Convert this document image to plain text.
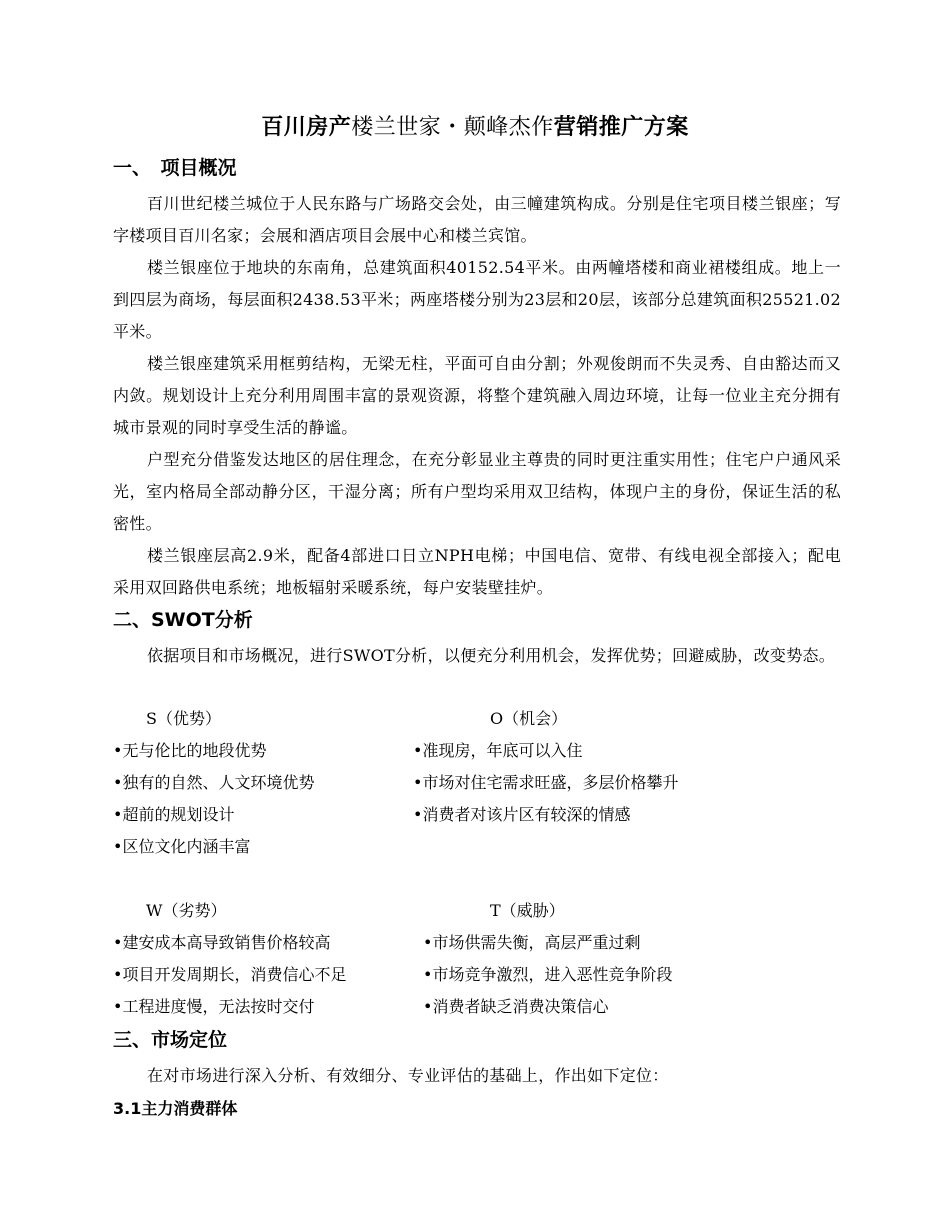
百川房产楼兰世家・颠峰杰作营销推广方案
一、　项目概况

百川世纪楼兰城位于人民东路与广场路交会处，由三幢建筑构成。分别是住宅项目楼兰银座；写字楼项目百川名家；会展和酒店项目会展中心和楼兰宾馆。

楼兰银座位于地块的东南角，总建筑面积40152.54平米。由两幢塔楼和商业裙楼组成。地上一到四层为商场，每层面积2438.53平米；两座塔楼分别为23层和20层，该部分总建筑面积25521.02平米。

楼兰银座建筑采用框剪结构，无梁无柱，平面可自由分割；外观俊朗而不失灵秀、自由豁达而又内敛。规划设计上充分利用周围丰富的景观资源，将整个建筑融入周边环境，让每一位业主充分拥有城市景观的同时享受生活的静谧。

户型充分借鉴发达地区的居住理念，在充分彰显业主尊贵的同时更注重实用性；住宅户户通风采光，室内格局全部动静分区，干湿分离；所有户型均采用双卫结构，体现户主的身份，保证生活的私密性。

楼兰银座层高2.9米，配备4部进口日立NPH电梯；中国电信、宽带、有线电视全部接入；配电采用双回路供电系统；地板辐射采暖系统，每户安装壁挂炉。

二、SWOT分析

依据项目和市场概况，进行SWOT分析，以便充分利用机会，发挥优势；回避威胁，改变势态。

S（优势）
•无与伦比的地段优势
•独有的自然、人文环境优势
•超前的规划设计
•区位文化内涵丰富
O（机会）
•准现房，年底可以入住
•市场对住宅需求旺盛，多层价格攀升
•消费者对该片区有较深的情感
W（劣势）
•建安成本高导致销售价格较高
•项目开发周期长，消费信心不足
•工程进度慢，无法按时交付
T（威胁）
•市场供需失衡，高层严重过剩
•市场竞争激烈，进入恶性竞争阶段
•消费者缺乏消费决策信心
三、市场定位

在对市场进行深入分析、有效细分、专业评估的基础上，作出如下定位：

3.1主力消费群体
